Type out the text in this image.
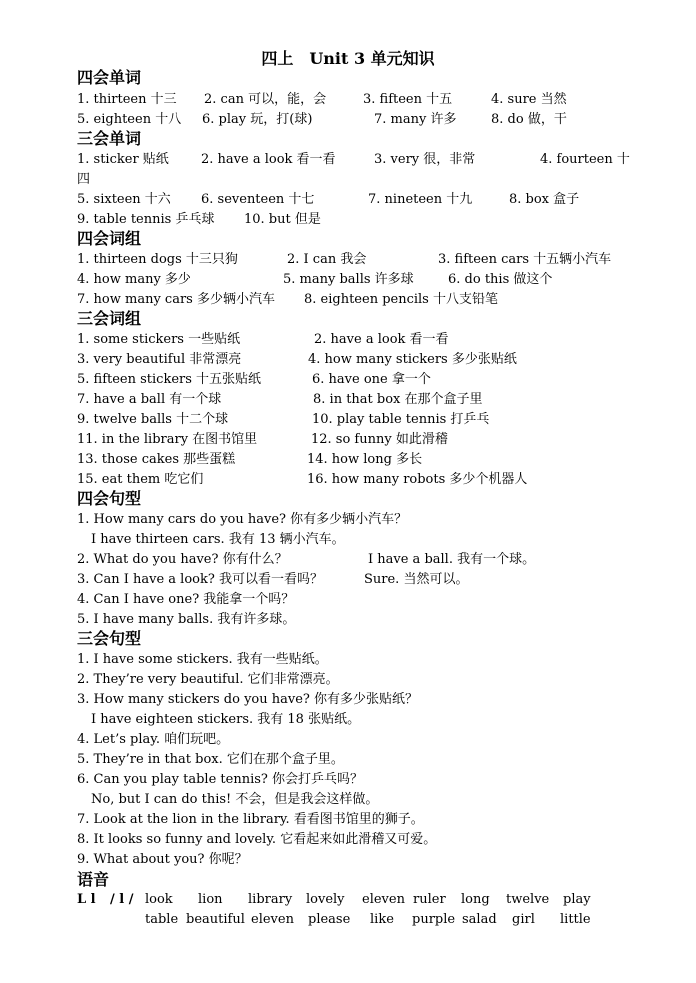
四上　Unit 3 单元知识
四会单词
1. thirteen 十三 2. can 可以，能，会	3. fifteen 十五	4. sure 当然
5. eighteen 十八 6. play 玩，打(球)	7. many 许多	8. do 做，干
三会单词
1. sticker 贴纸 2. have a look 看一看	3. very 很，非常	4. fourteen 十
四
5. sixteen 十六 6. seventeen 十七	7. nineteen 十九	8. box 盒子
9. table tennis 乒乓球 10. but 但是
四会词组
1. thirteen dogs 十三只狗	2. I can 我会	3. fifteen cars 十五辆小汽车
4. how many 多少	5. many balls 许多球	6. do this 做这个
7. how many cars 多少辆小汽车 8. eighteen pencils 十八支铅笔
三会词组
1. some stickers 一些贴纸	2. have a look 看一看
3. very beautiful 非常漂亮	4. how many stickers 多少张贴纸
5. fifteen stickers 十五张贴纸	6. have one 拿一个
7. have a ball 有一个球	8. in that box 在那个盒子里
9. twelve balls 十二个球	10. play table tennis 打乒乓
11. in the library 在图书馆里	12. so funny 如此滑稽
13. those cakes 那些蛋糕	14. how long 多长
15. eat them 吃它们	16. how many robots 多少个机器人
四会句型
1. How many cars do you have? 你有多少辆小汽车？
I have thirteen cars. 我有 13 辆小汽车。
2. What do you have? 你有什么？	I have a ball. 我有一个球。
3. Can I have a look? 我可以看一看吗？	Sure. 当然可以。
4. Can I have one? 我能拿一个吗？
5. I have many balls. 我有许多球。
三会句型
1. I have some stickers. 我有一些贴纸。
2. They’re very beautiful. 它们非常漂亮。
3. How many stickers do you have? 你有多少张贴纸？
I have eighteen stickers. 我有 18 张贴纸。
4. Let’s play. 咱们玩吧。
5. They’re in that box. 它们在那个盒子里。
6. Can you play table tennis? 你会打乒乓吗？
No, but I can do this! 不会，但是我会这样做。
7. Look at the lion in the library. 看看图书馆里的狮子。
8. It looks so funny and lovely. 它看起来如此滑稽又可爱。
9. What about you? 你呢？
语音
L l / l / look lion library lovely eleven ruler long twelve play
table beautiful eleven please like purple salad girl little
